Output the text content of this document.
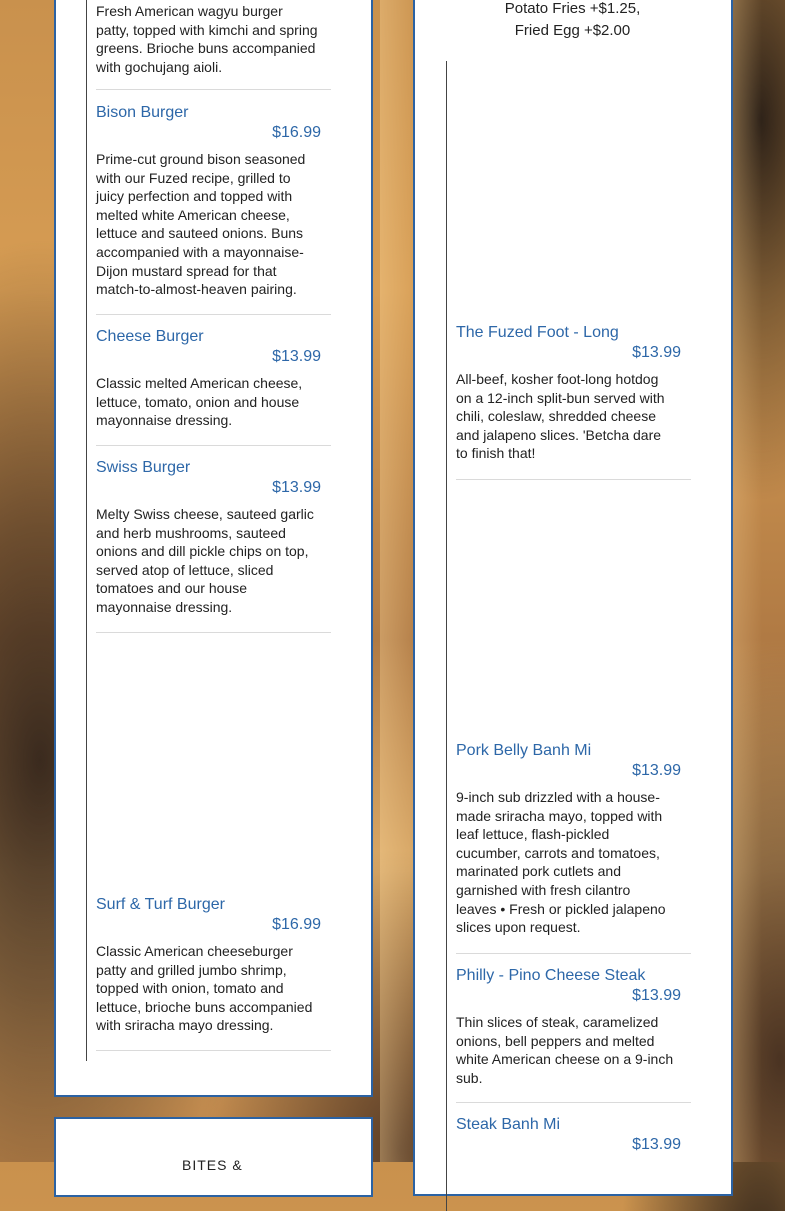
Fresh American wagyu burger patty, topped with kimchi and spring greens. Brioche buns accompanied with gochujang aioli.
Bison Burger
$16.99
Prime-cut ground bison seasoned with our Fuzed recipe, grilled to juicy perfection and topped with melted white American cheese, lettuce and sauteed onions. Buns accompanied with a mayonnaise-Dijon mustard spread for that match-to-almost-heaven pairing.
Cheese Burger
$13.99
Classic melted American cheese, lettuce, tomato, onion and house mayonnaise dressing.
Swiss Burger
$13.99
Melty Swiss cheese, sauteed garlic and herb mushrooms, sauteed onions and dill pickle chips on top, served atop of lettuce, sliced tomatoes and our house mayonnaise dressing.
Surf & Turf Burger
$16.99
Classic American cheeseburger patty and grilled jumbo shrimp, topped with onion, tomato and lettuce, brioche buns accompanied with sriracha mayo dressing.
BITES &
Potato Fries +$1.25,
Fried Egg +$2.00
The Fuzed Foot - Long
$13.99
All-beef, kosher foot-long hotdog on a 12-inch split-bun served with chili, coleslaw, shredded cheese and jalapeno slices. 'Betcha dare to finish that!
Pork Belly Banh Mi
$13.99
9-inch sub drizzled with a house-made sriracha mayo, topped with leaf lettuce, flash-pickled cucumber, carrots and tomatoes, marinated pork cutlets and garnished with fresh cilantro leaves • Fresh or pickled jalapeno slices upon request.
Philly - Pino Cheese Steak
$13.99
Thin slices of steak, caramelized onions, bell peppers and melted white American cheese on a 9-inch sub.
Steak Banh Mi
$13.99
